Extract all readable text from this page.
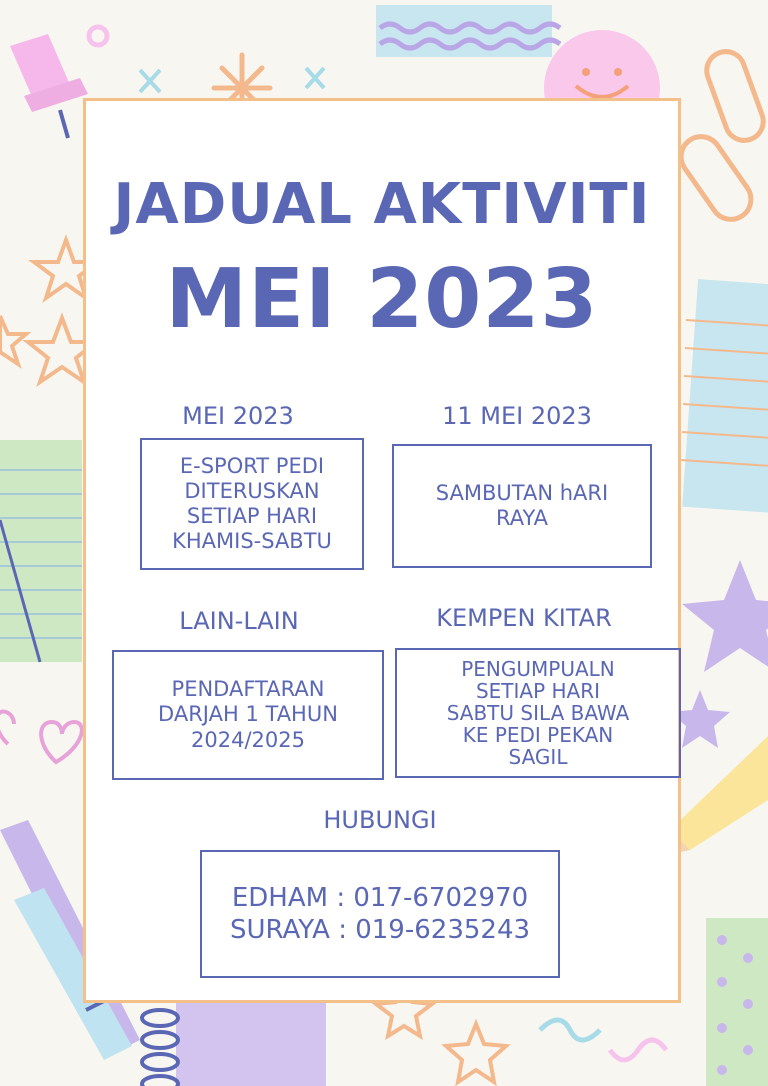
JADUAL AKTIVITI
MEI 2023

MEI 2023

E-SPORT PEDI
DITERUSKAN
SETIAP HARI
KHAMIS-SABTU

11 MEI 2023

SAMBUTAN hARI
RAYA

LAIN-LAIN

PENDAFTARAN
DARJAH 1 TAHUN
2024/2025

KEMPEN KITAR

PENGUMPUALN
SETIAP HARI
SABTU SILA BAWA
KE PEDI PEKAN
SAGIL

HUBUNGI

EDHAM : 017-6702970
SURAYA : 019-6235243
